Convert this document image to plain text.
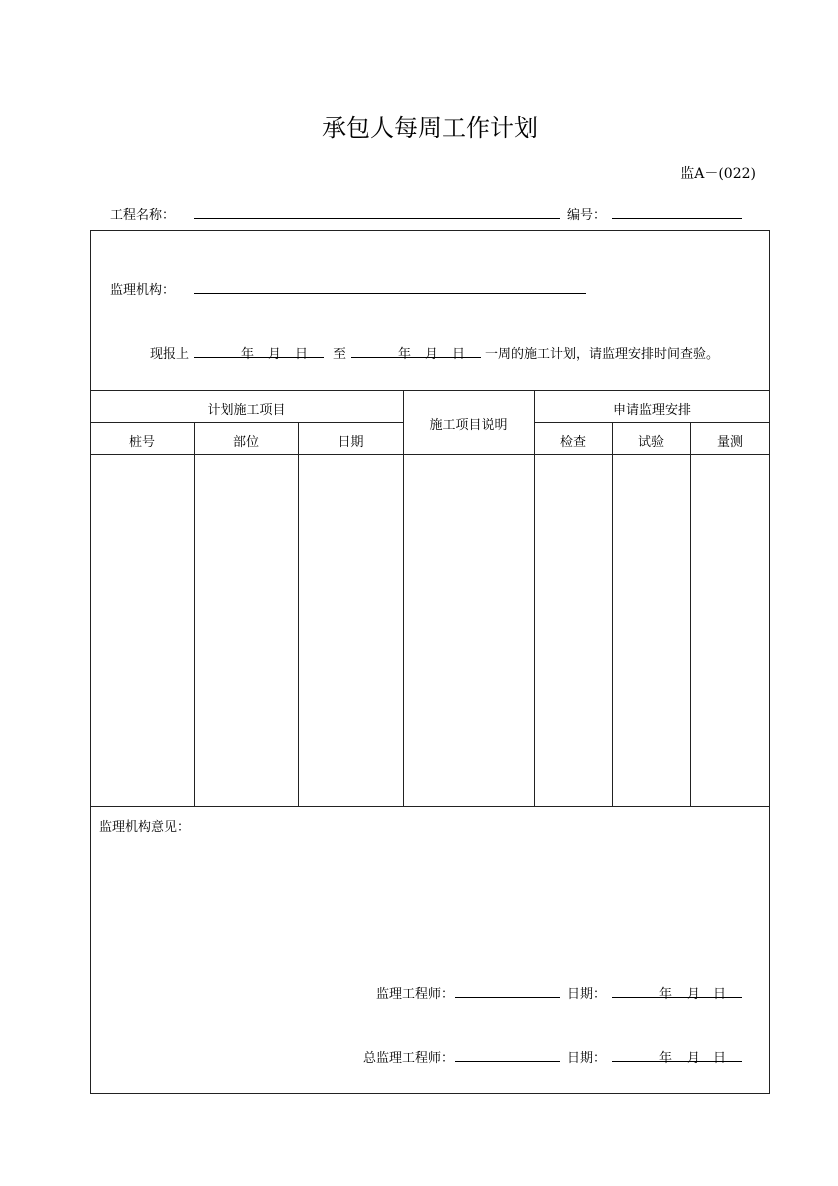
承包人每周工作计划
监A－(022)
工程名称：	编号：
监理机构：
现报上	年 月 日 至	年 月 日 一周的施工计划，请监理安排时间查验。
计划施工项目
施工项目说明
申请监理安排
桩号	部位	日期	检查	试验	量测
监理机构意见：
监理工程师：	日期：	年 月 日
总监理工程师：	日期：	年 月 日
